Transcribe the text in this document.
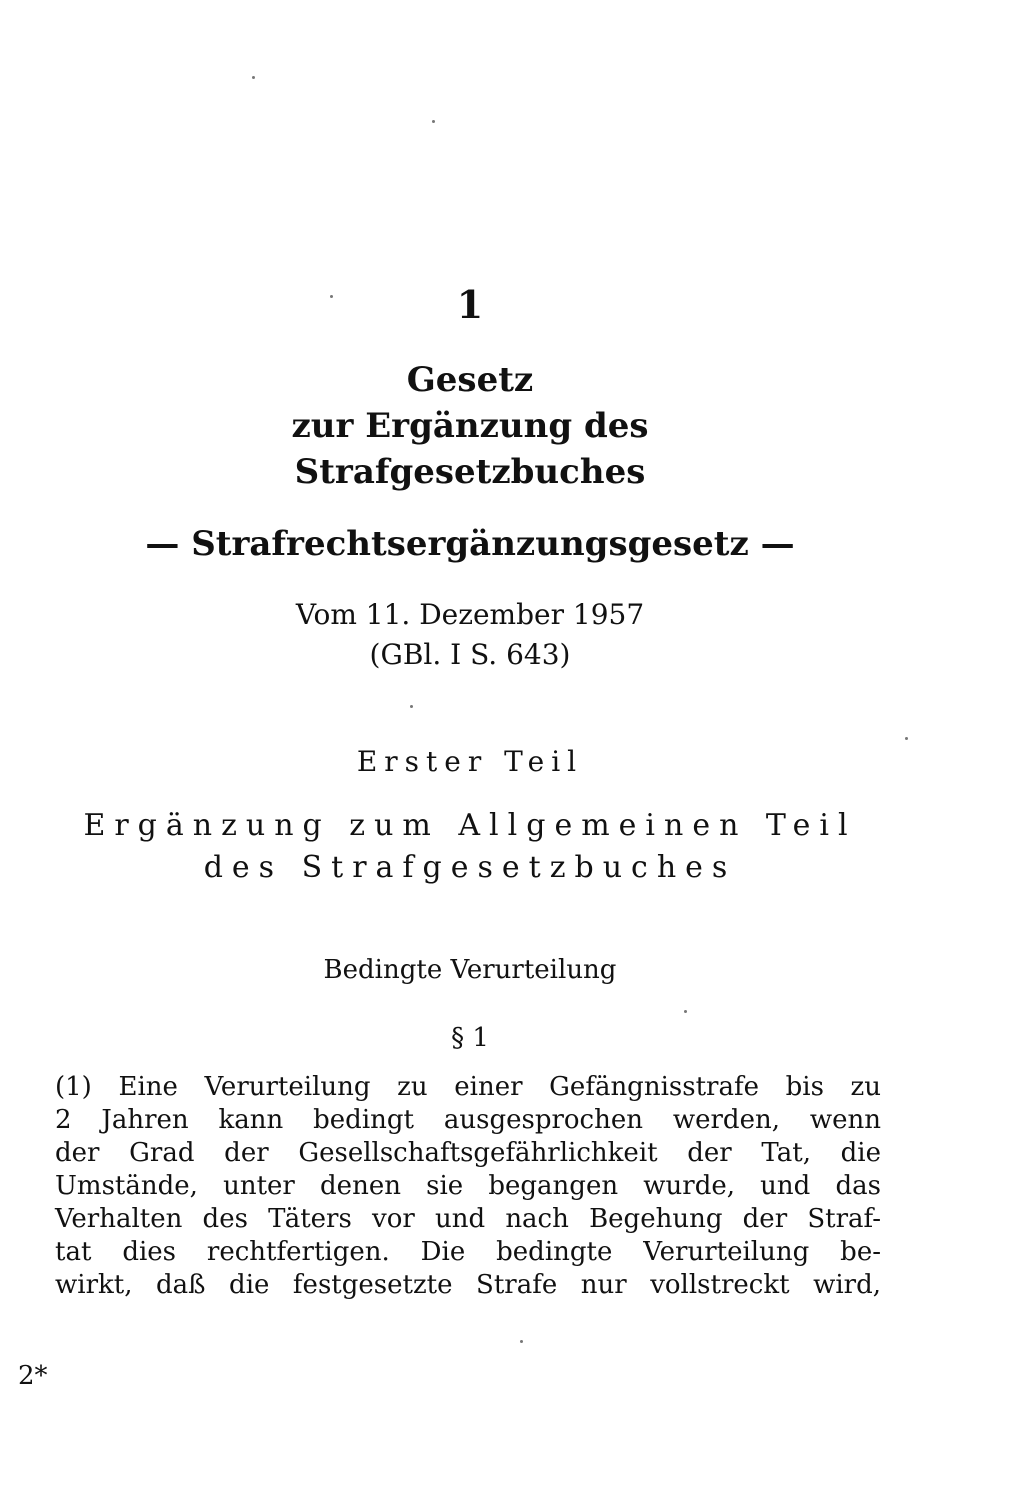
1
Gesetz
zur Ergänzung des
Strafgesetzbuches
— Strafrechtsergänzungsgesetz —
Vom 11. Dezember 1957
(GBl. I S. 643)
Erster Teil
Ergänzung zum Allgemeinen Teil
des Strafgesetzbuches
Bedingte Verurteilung
§ 1
(1) Eine Verurteilung zu einer Gefängnisstrafe bis zu
2 Jahren kann bedingt ausgesprochen werden, wenn
der Grad der Gesellschaftsgefährlichkeit der Tat, die
Umstände, unter denen sie begangen wurde, und das
Verhalten des Täters vor und nach Begehung der Straf-
tat dies rechtfertigen. Die bedingte Verurteilung be-
wirkt, daß die festgesetzte Strafe nur vollstreckt wird,
2*
